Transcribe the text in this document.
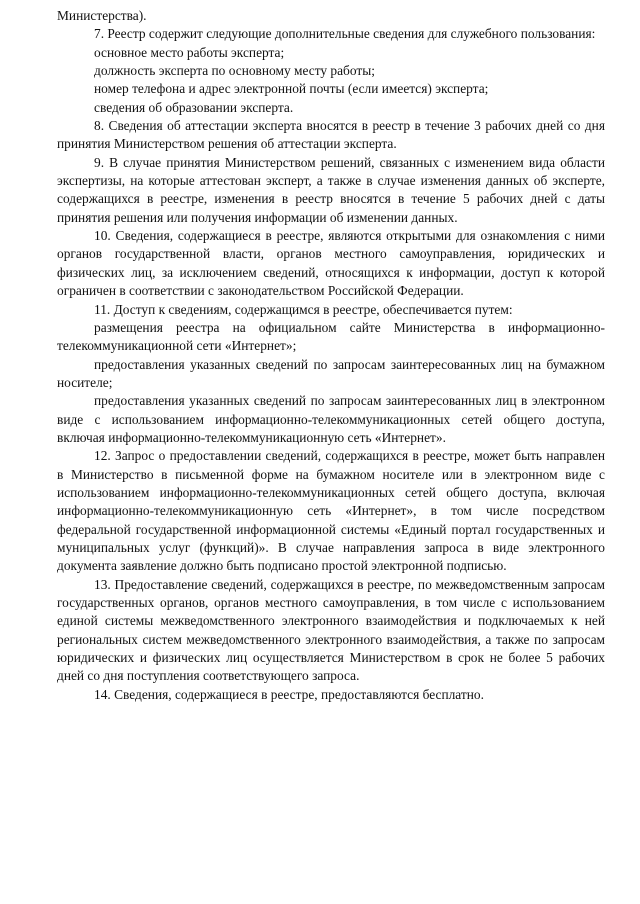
Министерства).

7. Реестр содержит следующие дополнительные сведения для служебного пользования:

основное место работы эксперта;

должность эксперта по основному месту работы;

номер телефона и адрес электронной почты (если имеется) эксперта;

сведения об образовании эксперта.

8. Сведения об аттестации эксперта вносятся в реестр в течение 3 рабочих дней со дня принятия Министерством решения об аттестации эксперта.

9. В случае принятия Министерством решений, связанных с изменением вида области экспертизы, на которые аттестован эксперт, а также в случае изменения данных об эксперте, содержащихся в реестре, изменения в реестр вносятся в течение 5 рабочих дней с даты принятия решения или получения информации об изменении данных.

10. Сведения, содержащиеся в реестре, являются открытыми для ознакомления с ними органов государственной власти, органов местного самоуправления, юридических и физических лиц, за исключением сведений, относящихся к информации, доступ к которой ограничен в соответствии с законодательством Российской Федерации.

11. Доступ к сведениям, содержащимся в реестре, обеспечивается путем:

размещения реестра на официальном сайте Министерства в информационно-телекоммуникационной сети «Интернет»;

предоставления указанных сведений по запросам заинтересованных лиц на бумажном носителе;

предоставления указанных сведений по запросам заинтересованных лиц в электронном виде с использованием информационно-телекоммуникационных сетей общего доступа, включая информационно-телекоммуникационную сеть «Интернет».

12. Запрос о предоставлении сведений, содержащихся в реестре, может быть направлен в Министерство в письменной форме на бумажном носителе или в электронном виде с использованием информационно-телекоммуникационных сетей общего доступа, включая информационно-телекоммуникационную сеть «Интернет», в том числе посредством федеральной государственной информационной системы «Единый портал государственных и муниципальных услуг (функций)». В случае направления запроса в виде электронного документа заявление должно быть подписано простой электронной подписью.

13. Предоставление сведений, содержащихся в реестре, по межведомственным запросам государственных органов, органов местного самоуправления, в том числе с использованием единой системы межведомственного электронного взаимодействия и подключаемых к ней региональных систем межведомственного электронного взаимодействия, а также по запросам юридических и физических лиц осуществляется Министерством в срок не более 5 рабочих дней со дня поступления соответствующего запроса.

14. Сведения, содержащиеся в реестре, предоставляются бесплатно.
